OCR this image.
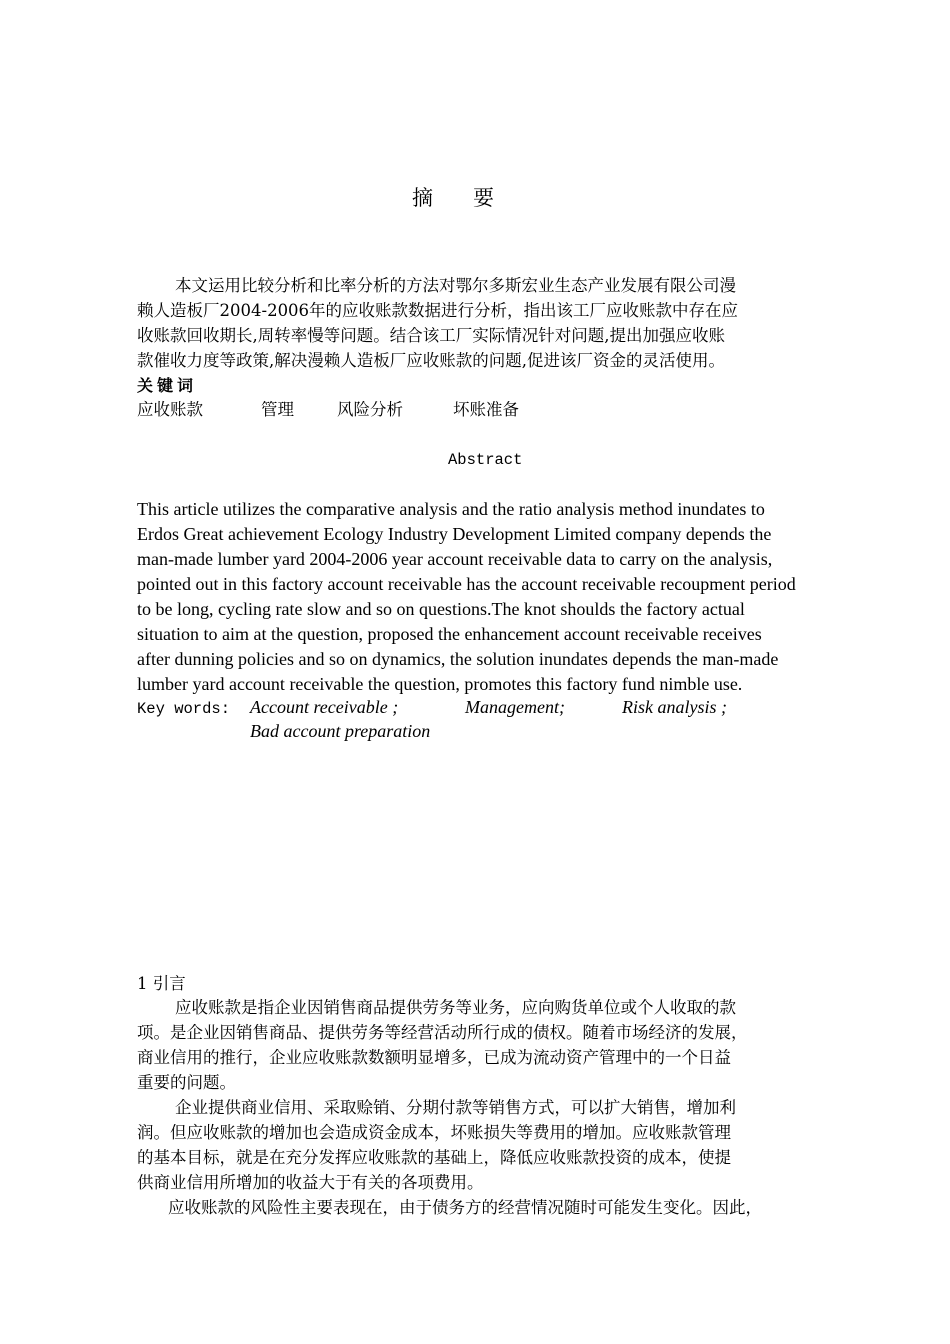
摘 要

本文运用比较分析和比率分析的方法对鄂尔多斯宏业生态产业发展有限公司漫

赖人造板厂2004-2006年的应收账款数据进行分析，指出该工厂应收账款中存在应

收账款回收期长,周转率慢等问题。结合该工厂实际情况针对问题,提出加强应收账

款催收力度等政策,解决漫赖人造板厂应收账款的问题,促进该厂资金的灵活使用。

关键词

应收账款	管理	风险分析	坏账准备

Abstract

This article utilizes the comparative analysis and the ratio analysis method inundates to

Erdos Great achievement Ecology Industry Development Limited company depends the

man-made lumber yard 2004-2006 year account receivable data to carry on the analysis,

pointed out in this factory account receivable has the account receivable recoupment period

to be long, cycling rate slow and so on questions.The knot shoulds the factory actual

situation to aim at the question, proposed the enhancement account receivable receives

after dunning policies and so on dynamics, the solution inundates depends the man-made

lumber yard account receivable the question, promotes this factory fund nimble use.

Key words: Account receivable ;	Management;	Risk analysis ;

Bad account preparation

1 引言

应收账款是指企业因销售商品提供劳务等业务，应向购货单位或个人收取的款

项。是企业因销售商品、提供劳务等经营活动所行成的债权。随着市场经济的发展，

商业信用的推行，企业应收账款数额明显增多，已成为流动资产管理中的一个日益

重要的问题。

企业提供商业信用、采取赊销、分期付款等销售方式，可以扩大销售，增加利

润。但应收账款的增加也会造成资金成本，坏账损失等费用的增加。应收账款管理

的基本目标，就是在充分发挥应收账款的基础上，降低应收账款投资的成本，使提

供商业信用所增加的收益大于有关的各项费用。

应收账款的风险性主要表现在，由于债务方的经营情况随时可能发生变化。因此，
